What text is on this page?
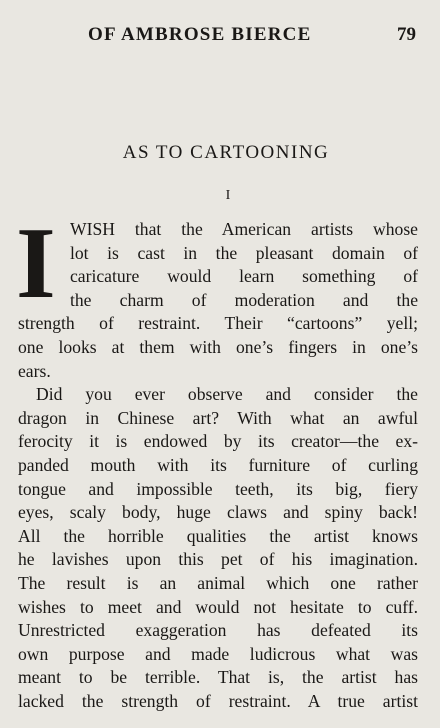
OF AMBROSE BIERCE	79
AS TO CARTOONING
I
I WISH that the American artists whose
lot is cast in the pleasant domain of
caricature would learn something of
the charm of moderation and the
strength of restraint. Their “cartoons” yell;
one looks at them with one’s fingers in one’s
ears.
Did you ever observe and consider the
dragon in Chinese art? With what an awful
ferocity it is endowed by its creator—the ex-
panded mouth with its furniture of curling
tongue and impossible teeth, its big, fiery
eyes, scaly body, huge claws and spiny back!
All the horrible qualities the artist knows
he lavishes upon this pet of his imagination.
The result is an animal which one rather
wishes to meet and would not hesitate to cuff.
Unrestricted exaggeration has defeated its
own purpose and made ludicrous what was
meant to be terrible. That is, the artist has
lacked the strength of restraint. A true artist
